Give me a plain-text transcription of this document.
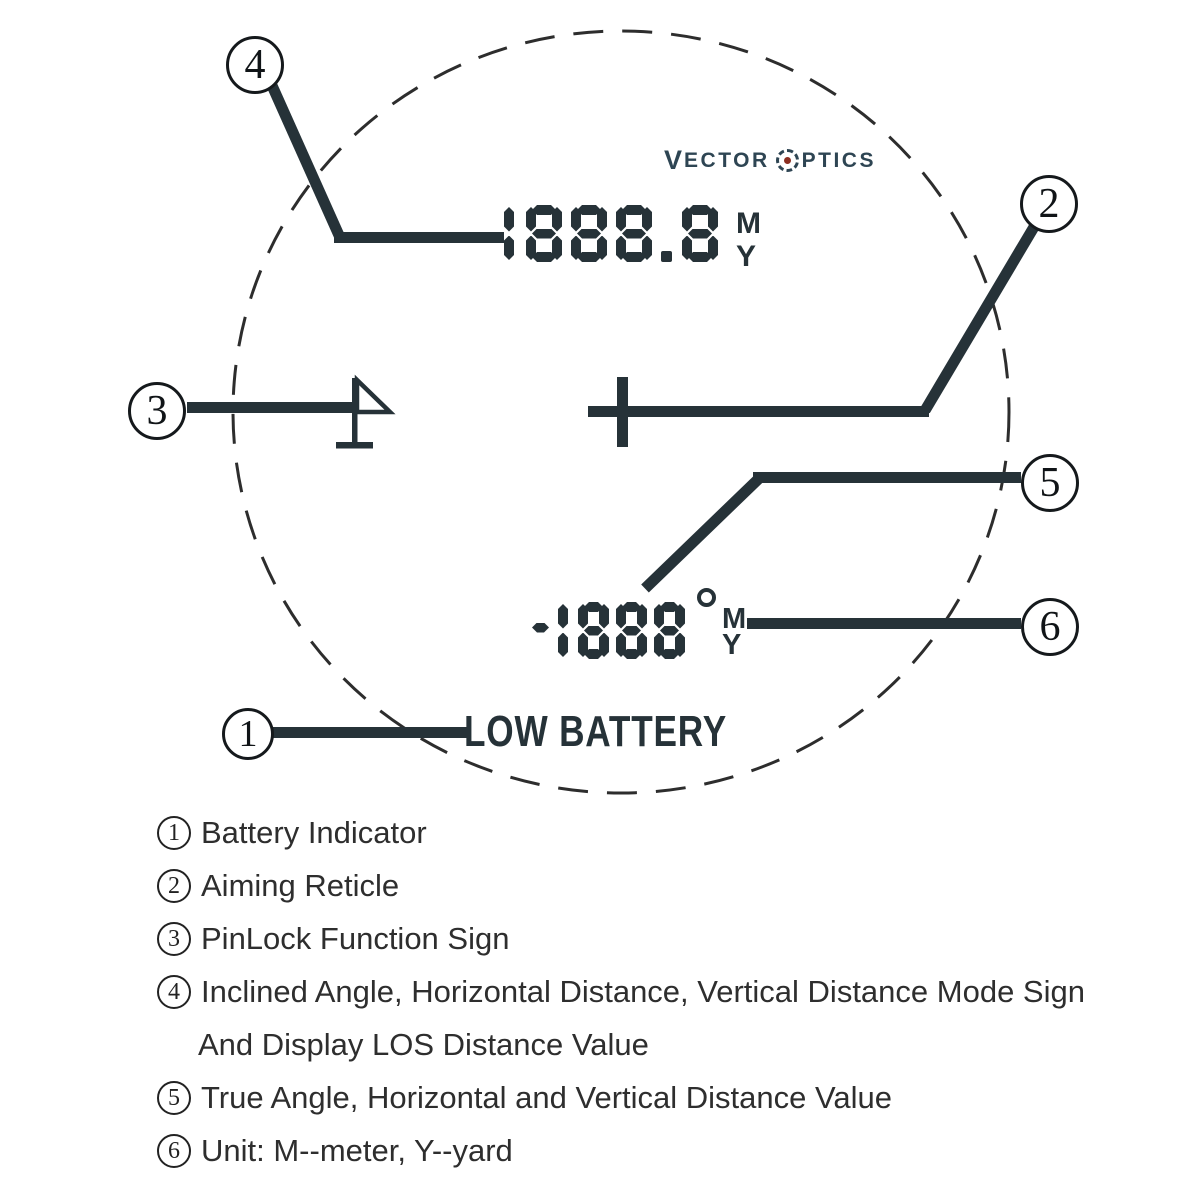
1
2
3
4
5
6
V ECTOR PTICS
M
Y
M
Y
LOW BATTERY
1 Battery Indicator
2 Aiming Reticle
3 PinLock Function Sign
4 Inclined Angle, Horizontal Distance, Vertical Distance Mode Sign
And Display LOS Distance Value
5 True Angle, Horizontal and Vertical Distance Value
6 Unit: M--meter, Y--yard
